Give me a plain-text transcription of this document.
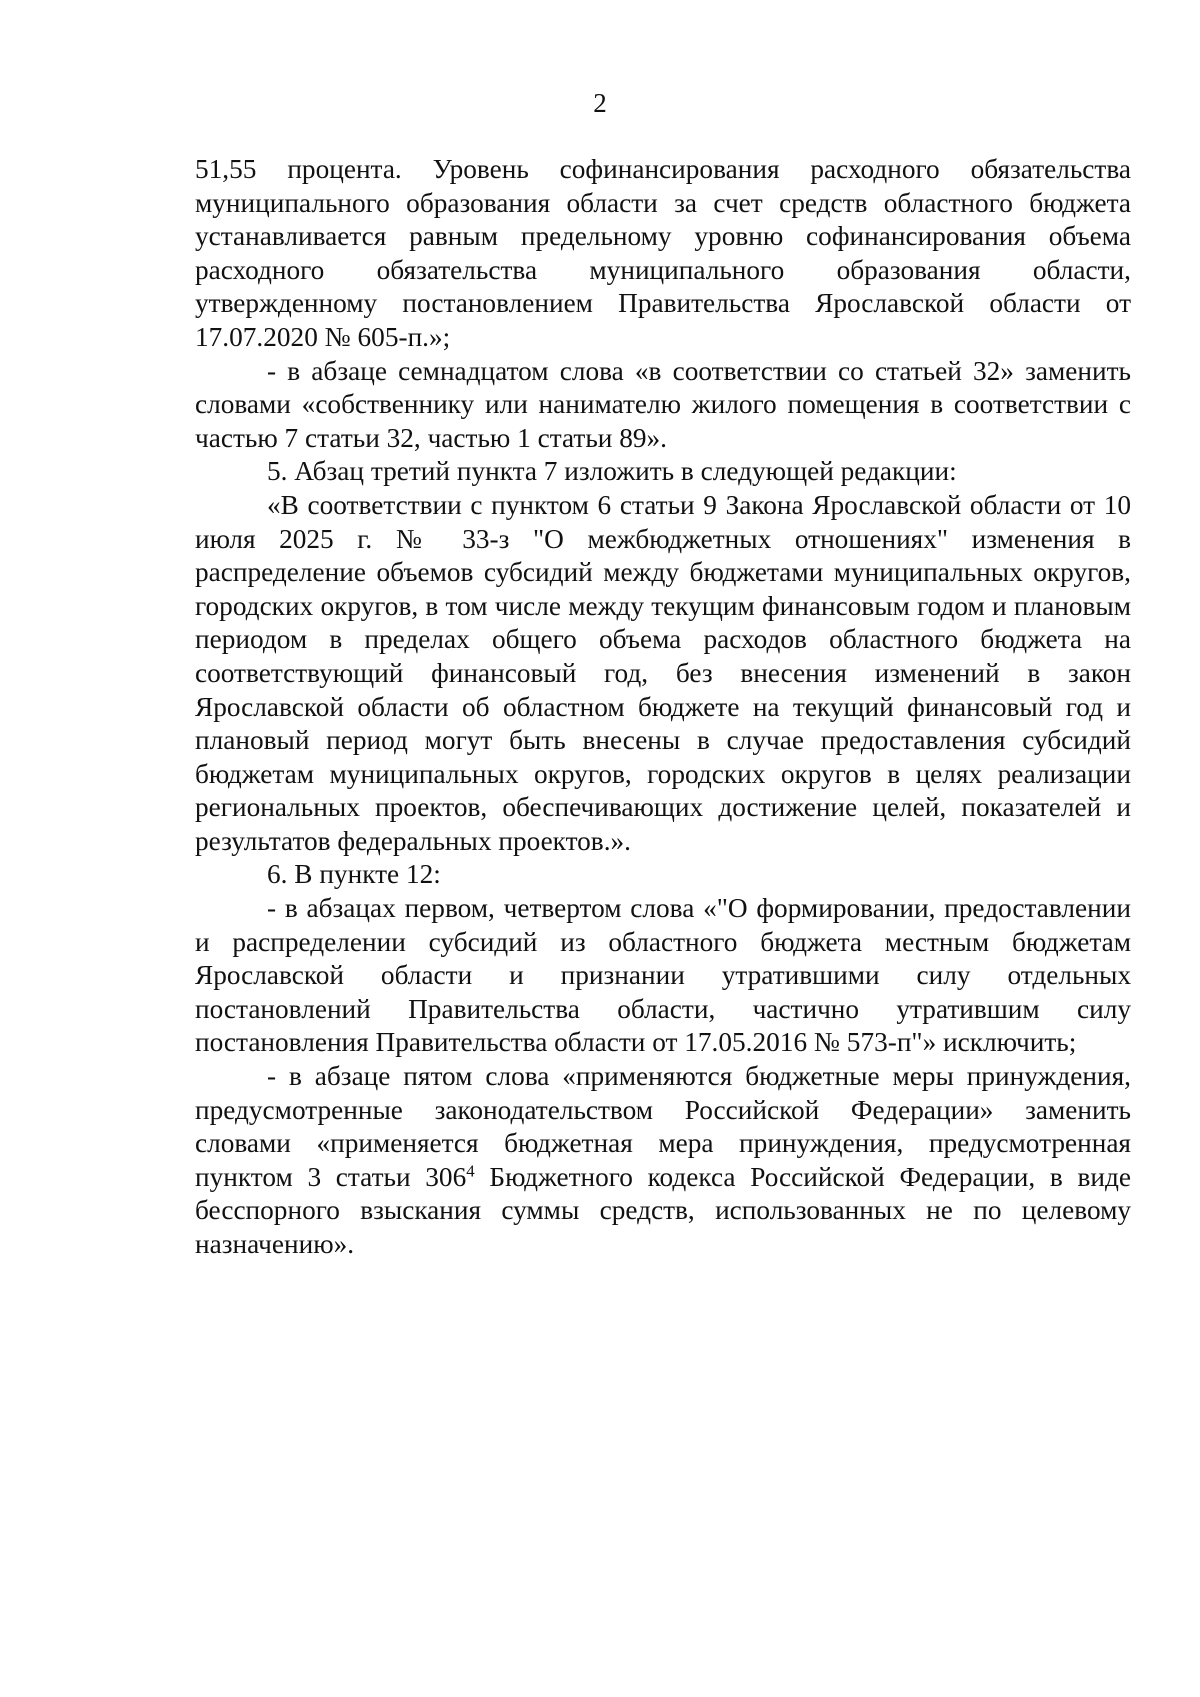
2

51,55 процента. Уровень софинансирования расходного обязательства муниципального образования области за счет средств областного бюджета устанавливается равным предельному уровню софинансирования объема расходного обязательства муниципального образования области, утвержденному постановлением Правительства Ярославской области от 17.07.2020 № 605-п.»;

- в абзаце семнадцатом слова «в соответствии со статьей 32» заменить словами «собственнику или нанимателю жилого помещения в соответствии с частью 7 статьи 32, частью 1 статьи 89».

5. Абзац третий пункта 7 изложить в следующей редакции:

«В соответствии с пунктом 6 статьи 9 Закона Ярославской области от 10 июля 2025 г. № 33-з "О межбюджетных отношениях" изменения в распределение объемов субсидий между бюджетами муниципальных округов, городских округов, в том числе между текущим финансовым годом и плановым периодом в пределах общего объема расходов областного бюджета на соответствующий финансовый год, без внесения изменений в закон Ярославской области об областном бюджете на текущий финансовый год и плановый период могут быть внесены в случае предоставления субсидий бюджетам муниципальных округов, городских округов в целях реализации региональных проектов, обеспечивающих достижение целей, показателей и результатов федеральных проектов.».

6. В пункте 12:

- в абзацах первом, четвертом слова «"О формировании, предоставлении и распределении субсидий из областного бюджета местным бюджетам Ярославской области и признании утратившими силу отдельных постановлений Правительства области, частично утратившим силу постановления Правительства области от 17.05.2016 № 573-п"» исключить;

- в абзаце пятом слова «применяются бюджетные меры принуждения, предусмотренные законодательством Российской Федерации» заменить словами «применяется бюджетная мера принуждения, предусмотренная пунктом 3 статьи $306^4$ Бюджетного кодекса Российской Федерации, в виде бесспорного взыскания суммы средств, использованных не по целевому назначению».
